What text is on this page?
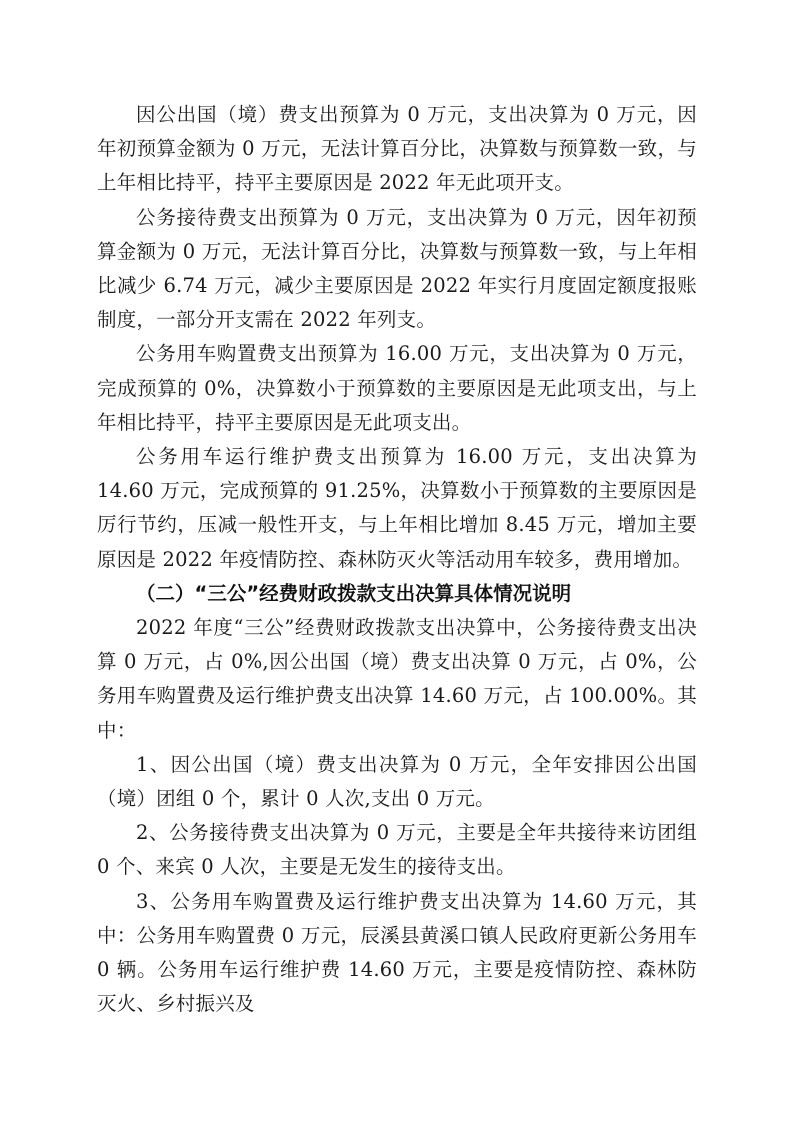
因公出国（境）费支出预算为 0 万元，支出决算为 0 万元，因年初预算金额为 0 万元，无法计算百分比，决算数与预算数一致，与上年相比持平，持平主要原因是 2022 年无此项开支。

公务接待费支出预算为 0 万元，支出决算为 0 万元，因年初预算金额为 0 万元，无法计算百分比，决算数与预算数一致，与上年相比减少 6.74 万元，减少主要原因是 2022 年实行月度固定额度报账制度，一部分开支需在 2022 年列支。

公务用车购置费支出预算为 16.00 万元，支出决算为 0 万元，完成预算的 0%，决算数小于预算数的主要原因是无此项支出，与上年相比持平，持平主要原因是无此项支出。

公务用车运行维护费支出预算为 16.00 万元，支出决算为 14.60 万元，完成预算的 91.25%，决算数小于预算数的主要原因是厉行节约，压减一般性开支，与上年相比增加 8.45 万元，增加主要原因是 2022 年疫情防控、森林防灭火等活动用车较多，费用增加。

（二）“三公”经费财政拨款支出决算具体情况说明

2022 年度“三公”经费财政拨款支出决算中，公务接待费支出决算 0 万元，占 0%,因公出国（境）费支出决算 0 万元，占 0%，公务用车购置费及运行维护费支出决算 14.60 万元，占 100.00%。其中：

1、因公出国（境）费支出决算为 0 万元，全年安排因公出国（境）团组 0 个，累计 0 人次,支出 0 万元。

2、公务接待费支出决算为 0 万元，主要是全年共接待来访团组 0 个、来宾 0 人次，主要是无发生的接待支出。

3、公务用车购置费及运行维护费支出决算为 14.60 万元，其中：公务用车购置费 0 万元，辰溪县黄溪口镇人民政府更新公务用车 0 辆。公务用车运行维护费 14.60 万元，主要是疫情防控、森林防灭火、乡村振兴及
